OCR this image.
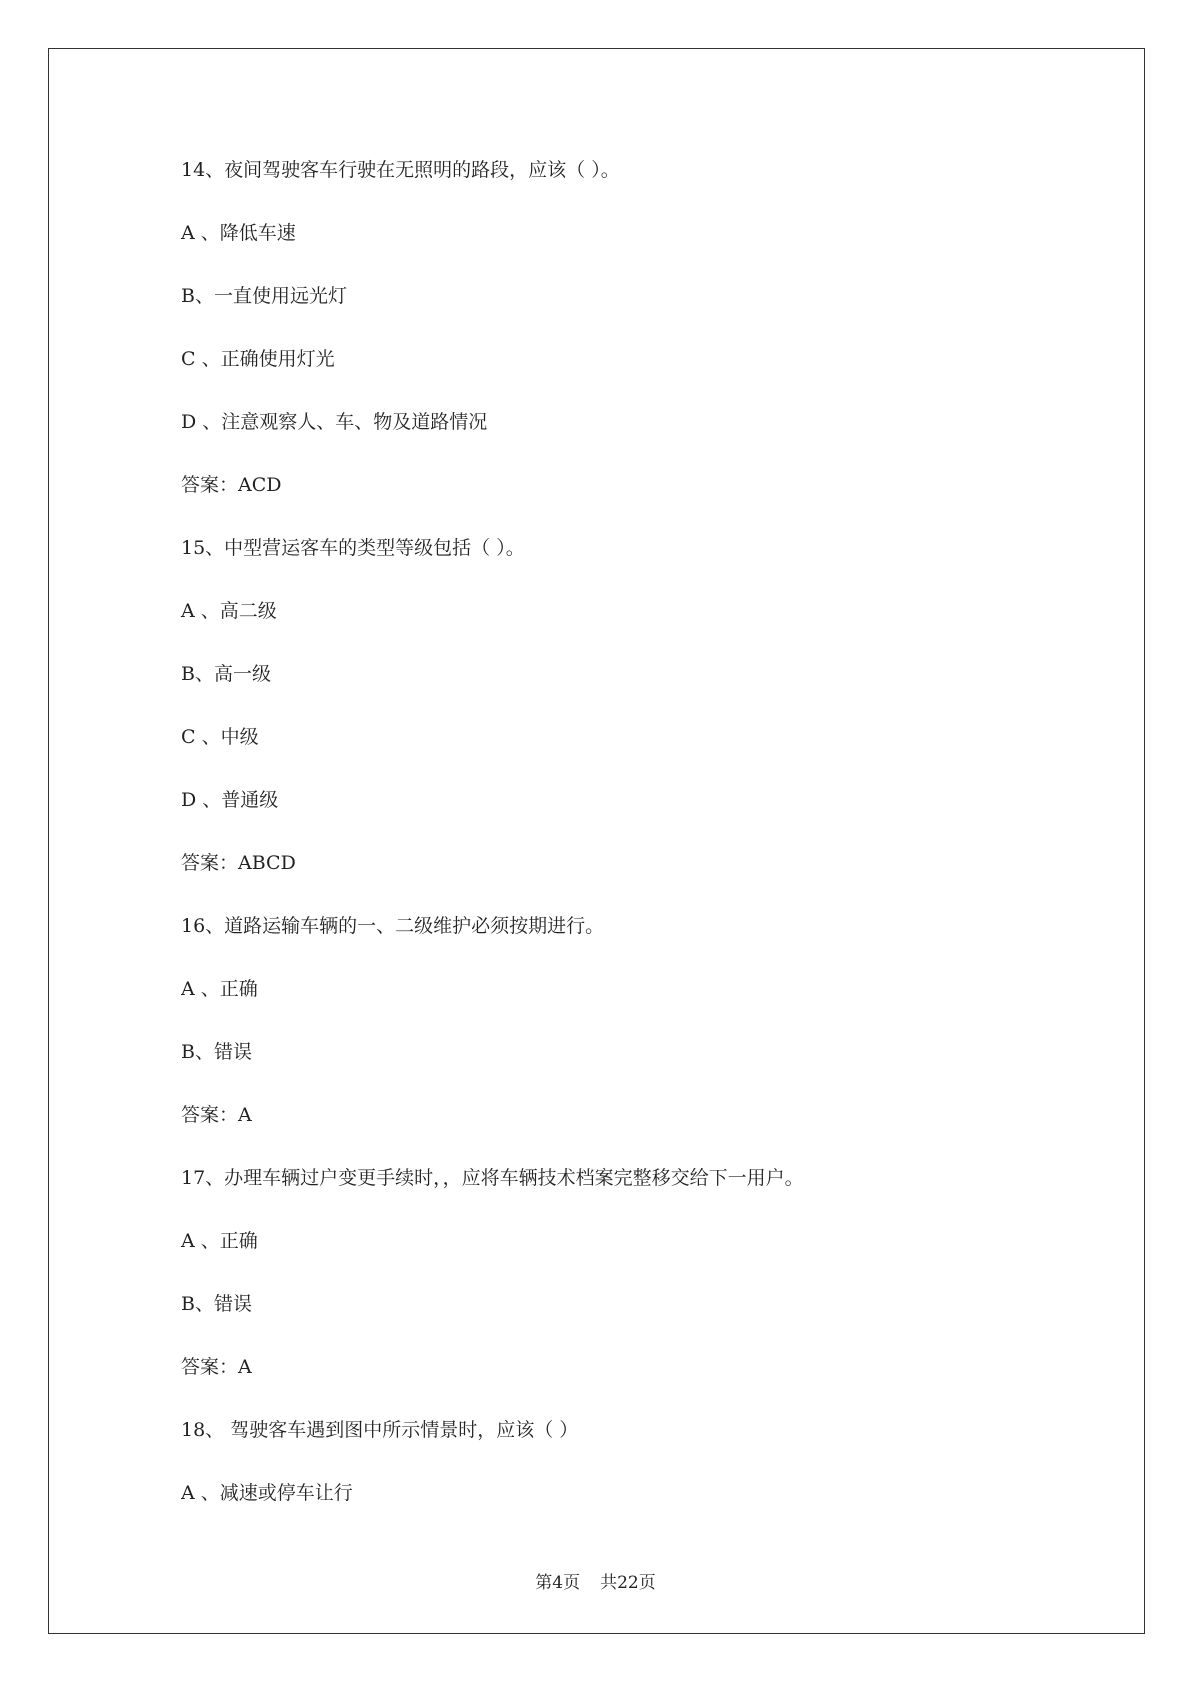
14、夜间驾驶客车行驶在无照明的路段，应该（ ）。
A 、降低车速
B、一直使用远光灯
C 、正确使用灯光
D 、注意观察人、车、物及道路情况
答案：ACD
15、中型营运客车的类型等级包括（ ）。
A 、高二级
B、高一级
C 、中级
D 、普通级
答案：ABCD
16、道路运输车辆的一、二级维护必须按期进行。
A 、正确
B、错误
答案：A
17、办理车辆过户变更手续时，，应将车辆技术档案完整移交给下一用户。
A 、正确
B、错误
答案：A
18、 驾驶客车遇到图中所示情景时，应该（ ）
A 、减速或停车让行
第4页 共22页
